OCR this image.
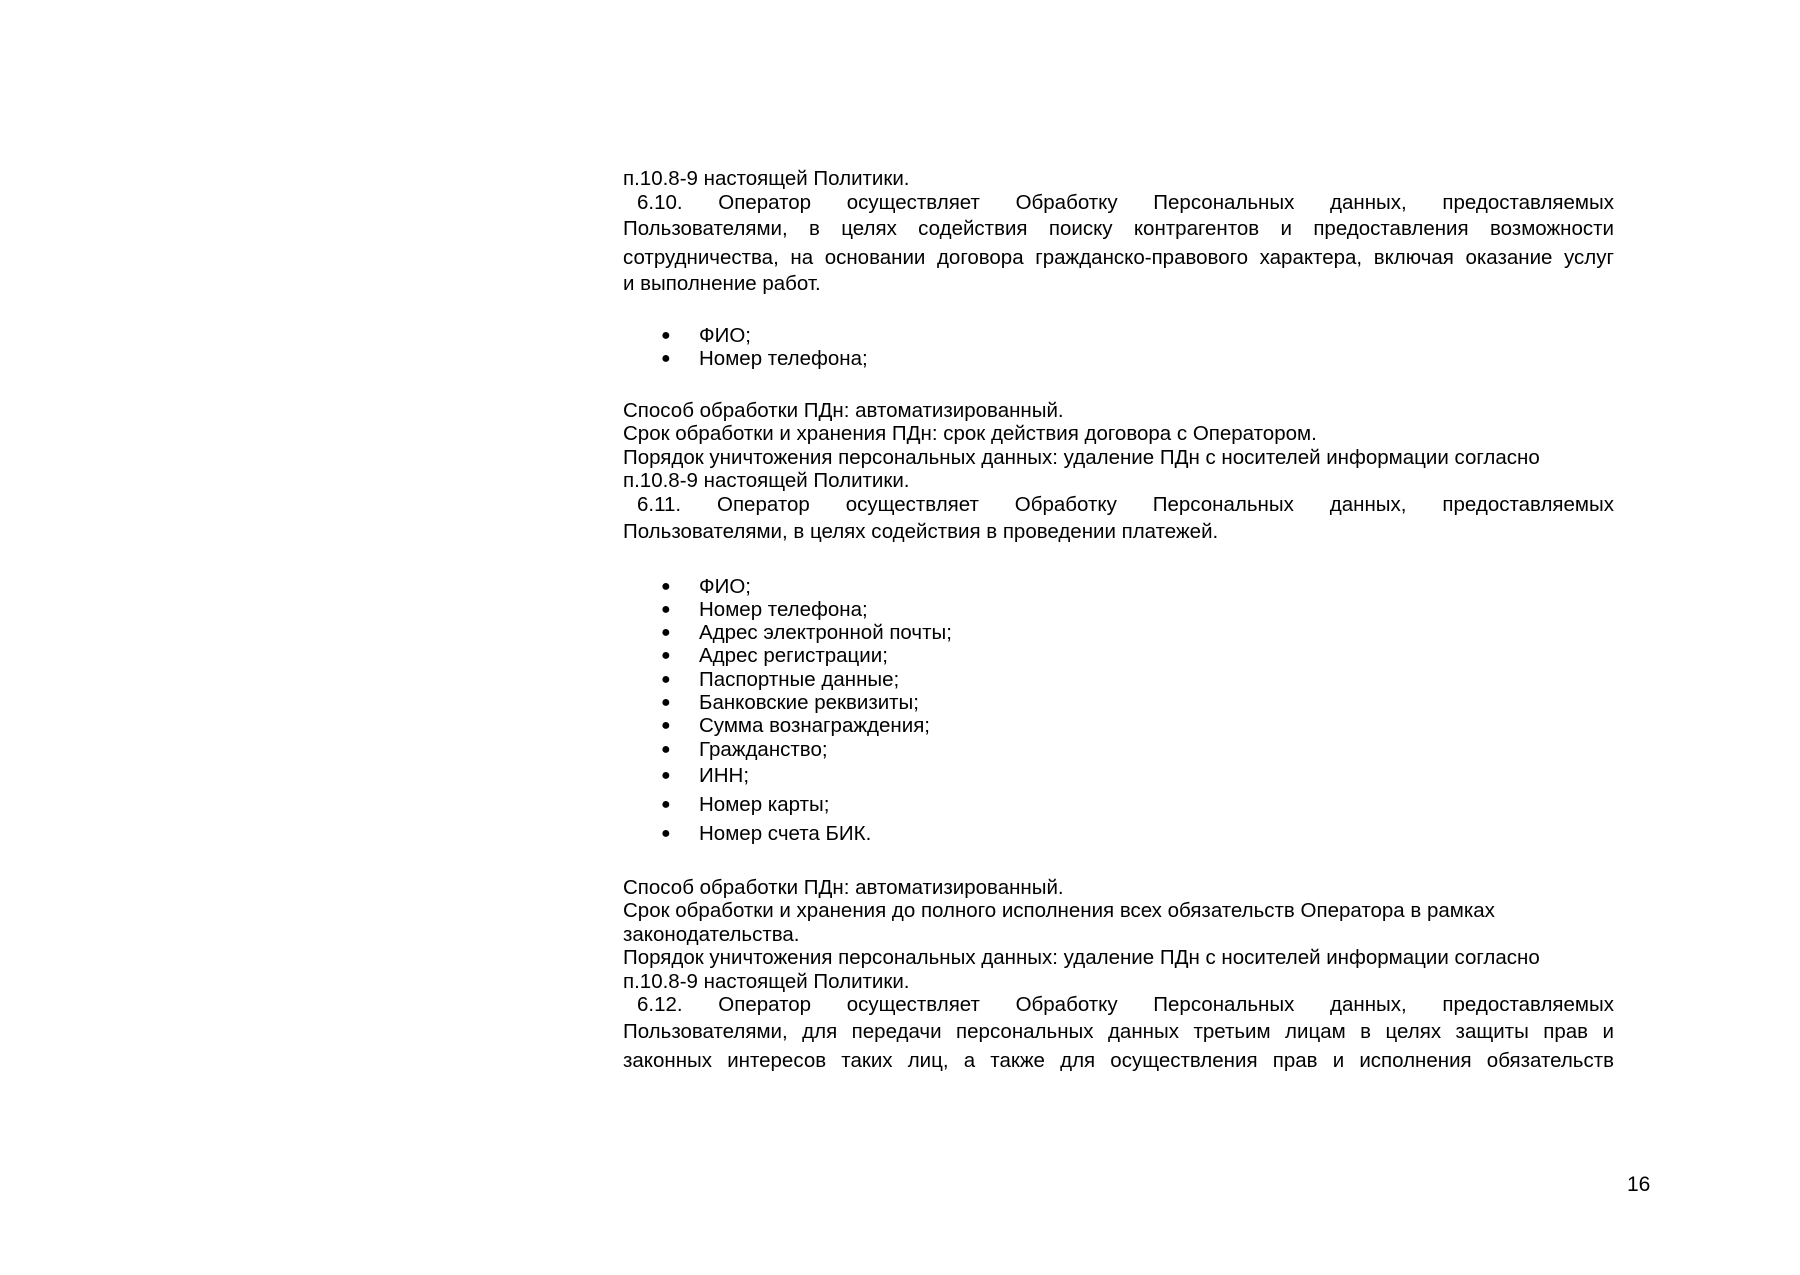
п.10.8-9 настоящей Политики.
6.10. Оператор осуществляет Обработку Персональных данных, предоставляемых
Пользователями, в целях содействия поиску контрагентов и предоставления возможности
сотрудничества, на основании договора гражданско-правового характера, включая оказание услуг
и выполнение работ.
● ФИО;
● Номер телефона;
Способ обработки ПДн: автоматизированный.
Срок обработки и хранения ПДн: срок действия договора с Оператором.
Порядок уничтожения персональных данных: удаление ПДн с носителей информации согласно
п.10.8-9 настоящей Политики.
6.11. Оператор осуществляет Обработку Персональных данных, предоставляемых
Пользователями, в целях содействия в проведении платежей.
● ФИО;
● Номер телефона;
● Адрес электронной почты;
● Адрес регистрации;
● Паспортные данные;
● Банковские реквизиты;
● Сумма вознаграждения;
● Гражданство;
● ИНН;
● Номер карты;
● Номер счета БИК.
Способ обработки ПДн: автоматизированный.
Срок обработки и хранения до полного исполнения всех обязательств Оператора в рамках
законодательства.
Порядок уничтожения персональных данных: удаление ПДн с носителей информации согласно
п.10.8-9 настоящей Политики.
6.12. Оператор осуществляет Обработку Персональных данных, предоставляемых
Пользователями, для передачи персональных данных третьим лицам в целях защиты прав и
законных интересов таких лиц, а также для осуществления прав и исполнения обязательств
16
